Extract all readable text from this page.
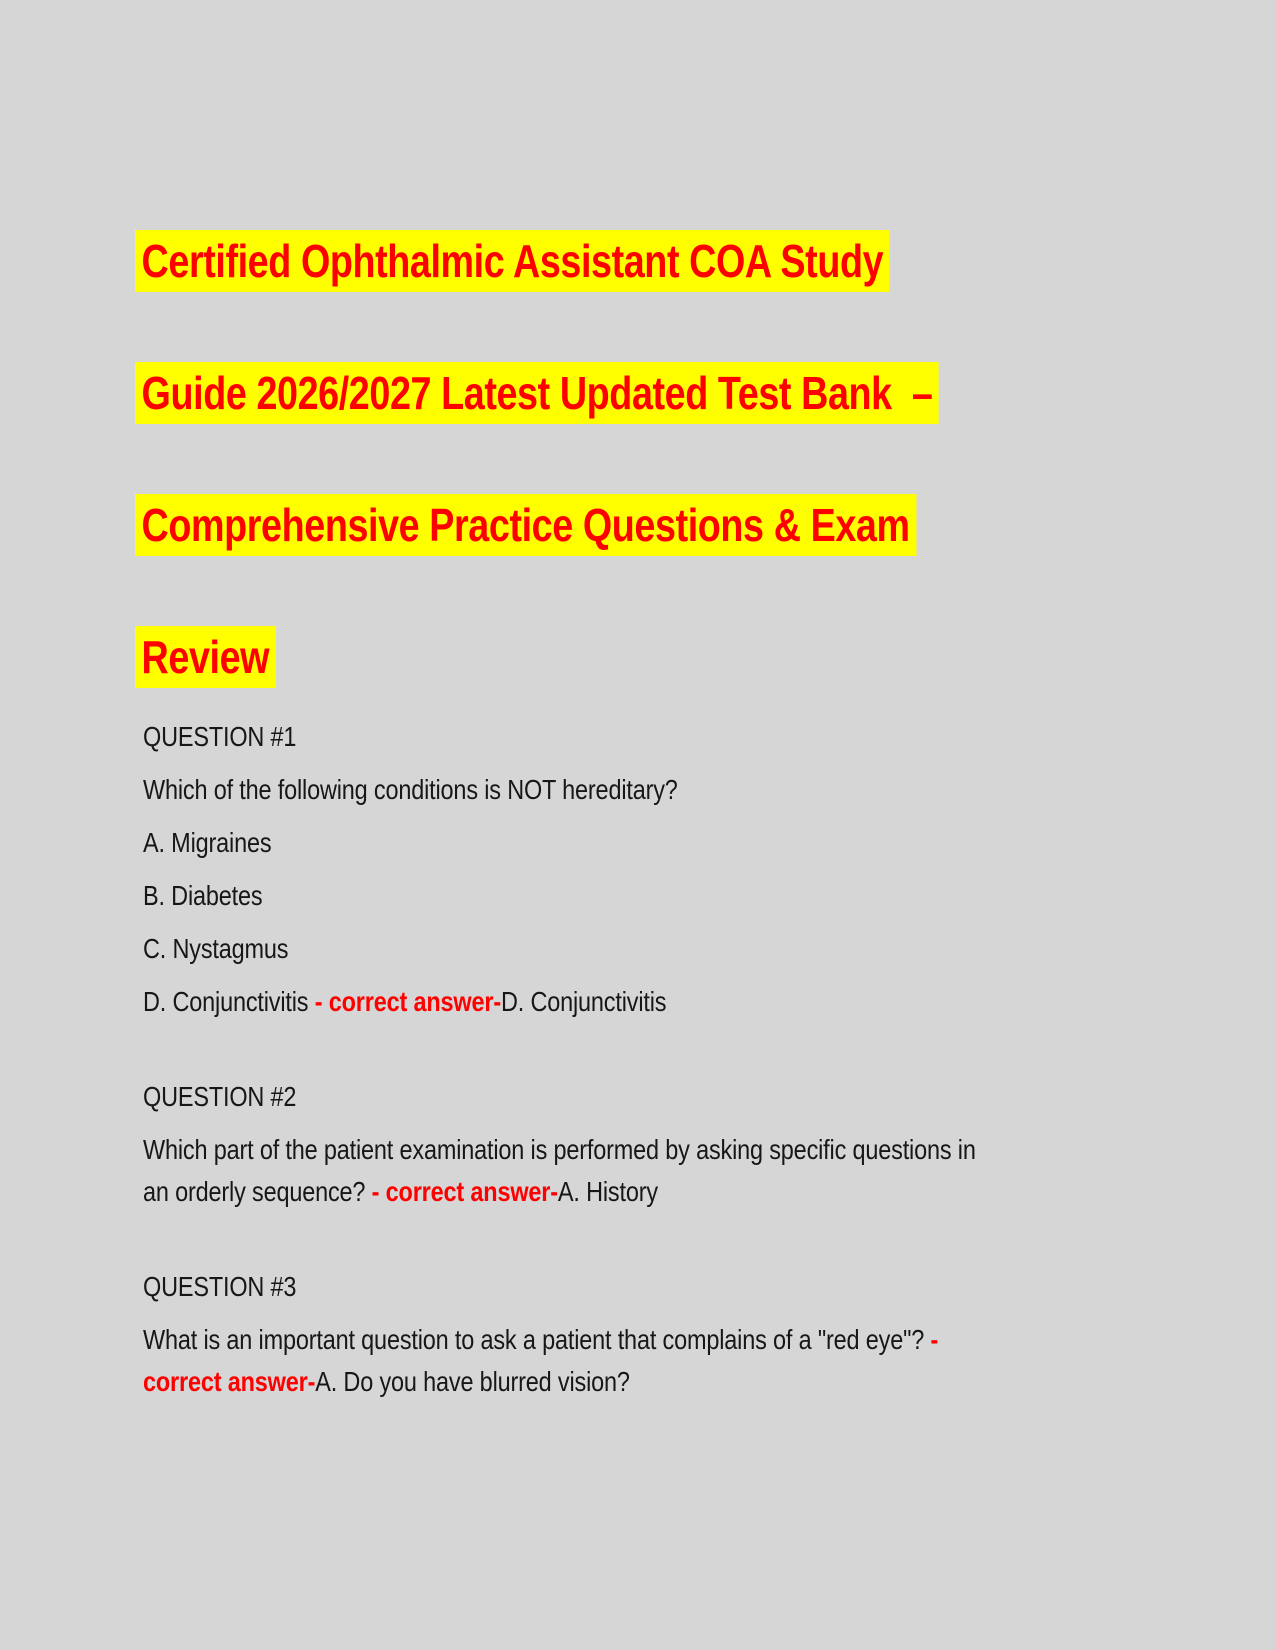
Certified Ophthalmic Assistant COA Study

Guide 2026/2027 Latest Updated Test Bank  –

Comprehensive Practice Questions & Exam

Review

QUESTION #1

Which of the following conditions is NOT hereditary?

A. Migraines

B. Diabetes

C. Nystagmus

D. Conjunctivitis - correct answer-D. Conjunctivitis

QUESTION #2

Which part of the patient examination is performed by asking specific questions in
an orderly sequence? - correct answer-A. History

QUESTION #3

What is an important question to ask a patient that complains of a "red eye"? -
correct answer-A. Do you have blurred vision?
